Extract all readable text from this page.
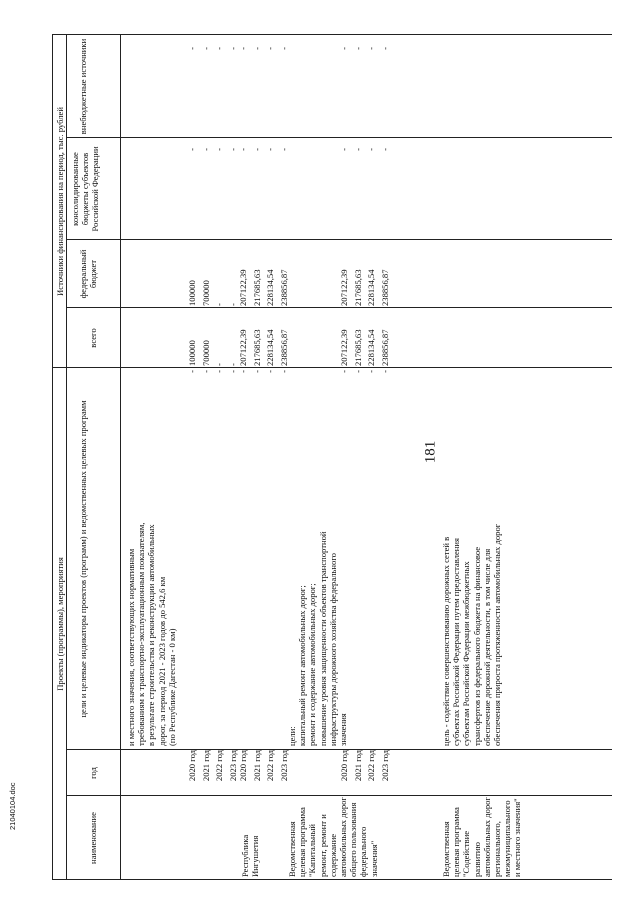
181
21040104.doc
Проекты (программы), мероприятия
Источники финансирования на период, тыс. рублей
наименование
год
цели и целевые индикаторы проектов (программ) и ведомственных целевых программ
всего
федеральный бюджет
консолидированные бюджеты субъектов Российской Федерации
внебюджетные источники
и местного значения, соответствующих нормативным требованиям к транспортно-эксплуатационным показателям, в результате строительства и реконструкции автомобильных дорог, за период 2021 - 2023 годов до 542,6 км (по Республике Дагестан - 0 км)
2020 год
-
100000
100000
-
-
2021 год
-
700000
700000
-
-
2022 год
-
-
-
-
-
2023 год
-
-
-
-
-
Республика Ингушетия
2020 год
-
207122,39
207122,39
-
-
2021 год
-
217685,63
217685,63
-
-
2022 год
-
228134,54
228134,54
-
-
2023 год
-
238856,87
238856,87
-
-
Ведомственная целевая программа "Капитальный ремонт, ремонт и содержание автомобильных дорог общего пользования федерального значения"
цели: капитальный ремонт автомобильных дорог; ремонт и содержание автомобильных дорог; повышение уровня защищенности объектов транспортной инфраструктуры дорожного хозяйства федерального значения
2020 год
-
207122,39
207122,39
-
-
2021 год
-
217685,63
217685,63
-
-
2022 год
-
228134,54
228134,54
-
-
2023 год
-
238856,87
238856,87
-
-
Ведомственная целевая программа "Содействие развитию автомобильных дорог регионального, межмуниципального и местного значения"
цель - содействие совершенствованию дорожных сетей в субъектах Российской Федерации путем предоставления субъектам Российской Федерации межбюджетных трансфертов из федерального бюджета на финансовое обеспечение дорожной деятельности, в том числе для обеспечения прироста протяженности автомобильных дорог
